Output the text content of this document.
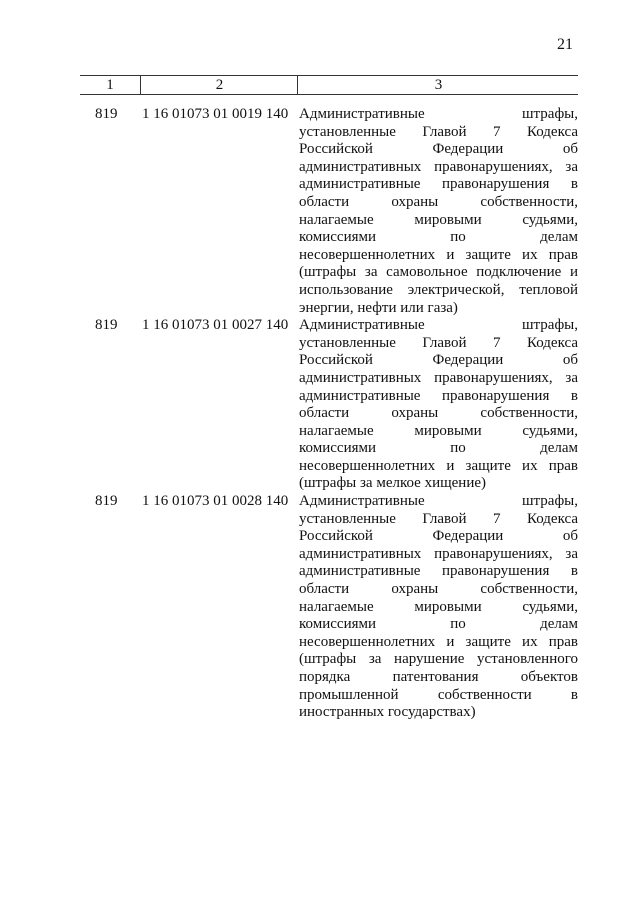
21
1	2	3
819	1 16 01073 01 0019 140 Административные штрафы,
установленные Главой 7 Кодекса
Российской Федерации об
административных правонарушениях, за
административные правонарушения в
области охраны собственности,
налагаемые мировыми судьями,
комиссиями по делам
несовершеннолетних и защите их прав
(штрафы за самовольное подключение и
использование электрической, тепловой
энергии, нефти или газа)
819	1 16 01073 01 0027 140 Административные штрафы,
установленные Главой 7 Кодекса
Российской Федерации об
административных правонарушениях, за
административные правонарушения в
области охраны собственности,
налагаемые мировыми судьями,
комиссиями по делам
несовершеннолетних и защите их прав
(штрафы за мелкое хищение)
819	1 16 01073 01 0028 140 Административные штрафы,
установленные Главой 7 Кодекса
Российской Федерации об
административных правонарушениях, за
административные правонарушения в
области охраны собственности,
налагаемые мировыми судьями,
комиссиями по делам
несовершеннолетних и защите их прав
(штрафы за нарушение установленного
порядка патентования объектов
промышленной собственности в
иностранных государствах)
